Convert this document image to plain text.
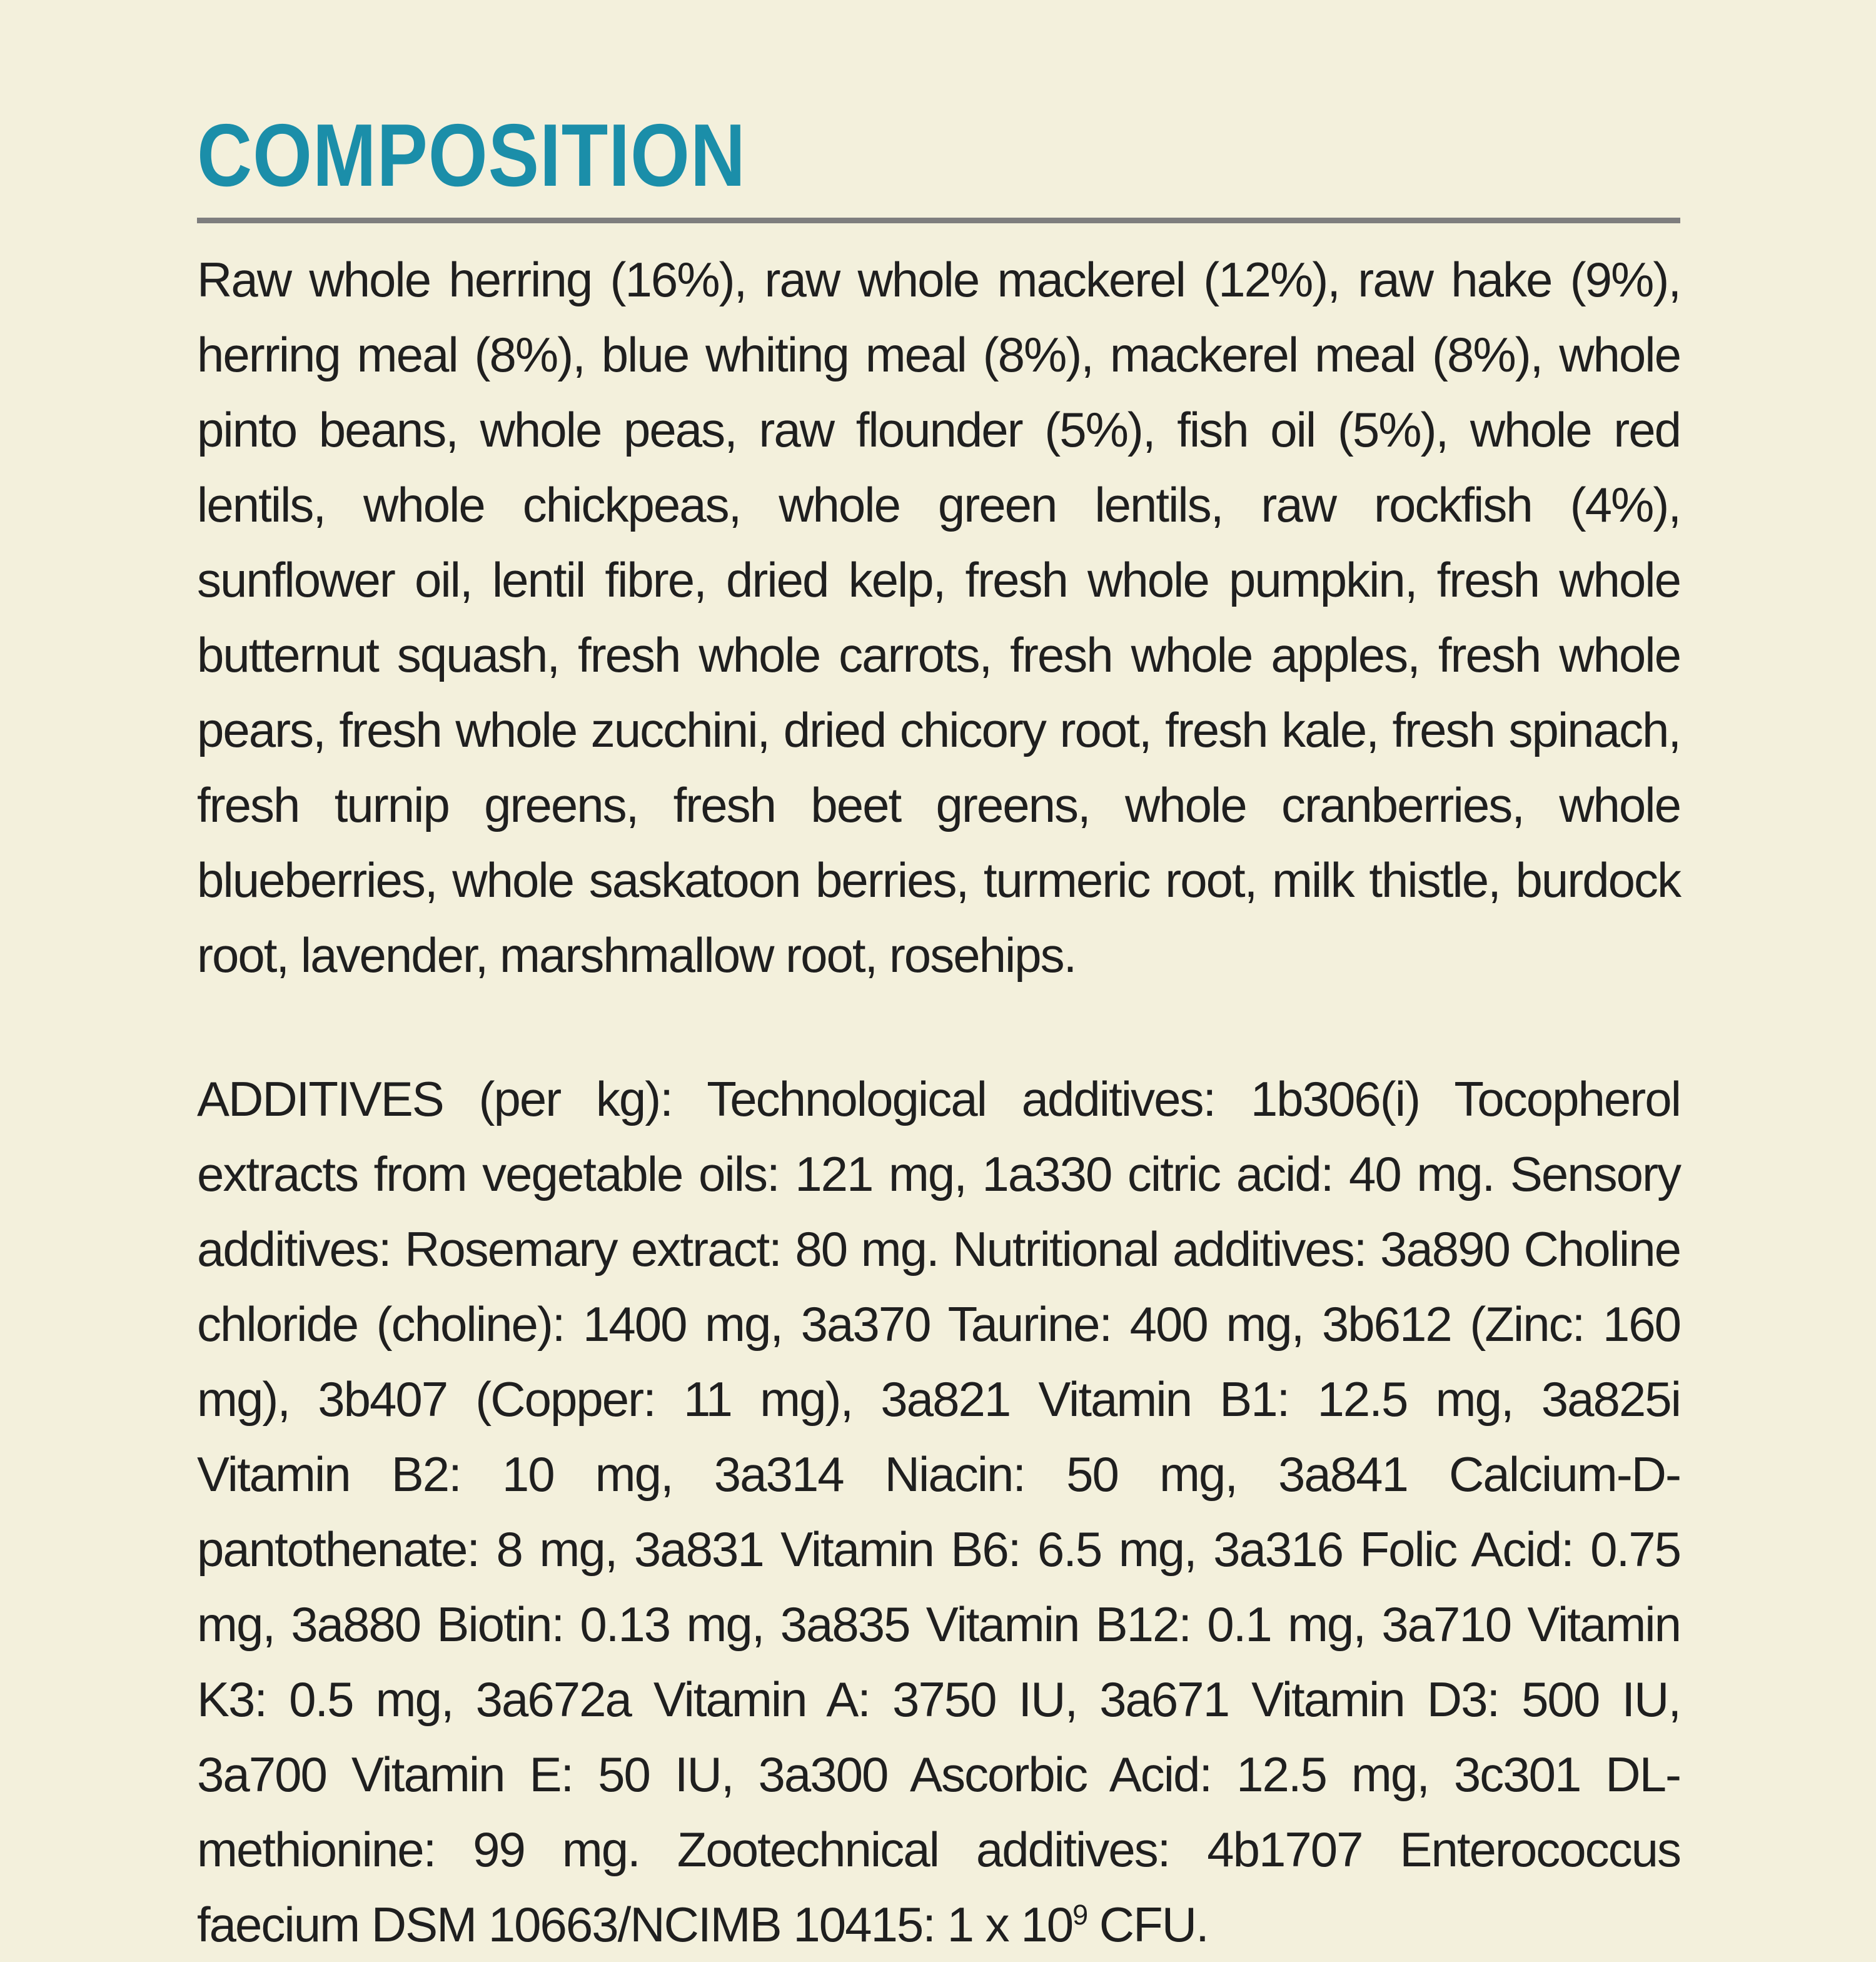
COMPOSITION

Raw whole herring (16%), raw whole mackerel (12%), raw hake (9%), herring meal (8%), blue whiting meal (8%), mackerel meal (8%), whole pinto beans, whole peas, raw flounder (5%), fish oil (5%), whole red lentils, whole chickpeas, whole green lentils, raw rockfish (4%), sunflower oil, lentil fibre, dried kelp, fresh whole pumpkin, fresh whole butternut squash, fresh whole carrots, fresh whole apples, fresh whole pears, fresh whole zucchini, dried chicory root, fresh kale, fresh spinach, fresh turnip greens, fresh beet greens, whole cranberries, whole blueberries, whole saskatoon berries, turmeric root, milk thistle, burdock root, lavender, marshmallow root, rosehips.

ADDITIVES (per kg): Technological additives: 1b306(i) Tocopherol extracts from vegetable oils: 121 mg, 1a330 citric acid: 40 mg. Sensory additives: Rosemary extract: 80 mg. Nutritional additives: 3a890 Choline chloride (choline): 1400 mg, 3a370 Taurine: 400 mg, 3b612 (Zinc: 160 mg), 3b407 (Copper: 11 mg), 3a821 Vitamin B1: 12.5 mg, 3a825i Vitamin B2: 10 mg, 3a314 Niacin: 50 mg, 3a841 Calcium-D-pantothenate: 8 mg, 3a831 Vitamin B6: 6.5 mg, 3a316 Folic Acid: 0.75 mg, 3a880 Biotin: 0.13 mg, 3a835 Vitamin B12: 0.1 mg, 3a710 Vitamin K3: 0.5 mg, 3a672a Vitamin A: 3750 IU, 3a671 Vitamin D3: 500 IU, 3a700 Vitamin E: 50 IU, 3a300 Ascorbic Acid: 12.5 mg, 3c301 DL-methionine: 99 mg. Zootechnical additives: 4b1707 Enterococcus faecium DSM 10663/NCIMB 10415: 1 x $10^9$ CFU.
